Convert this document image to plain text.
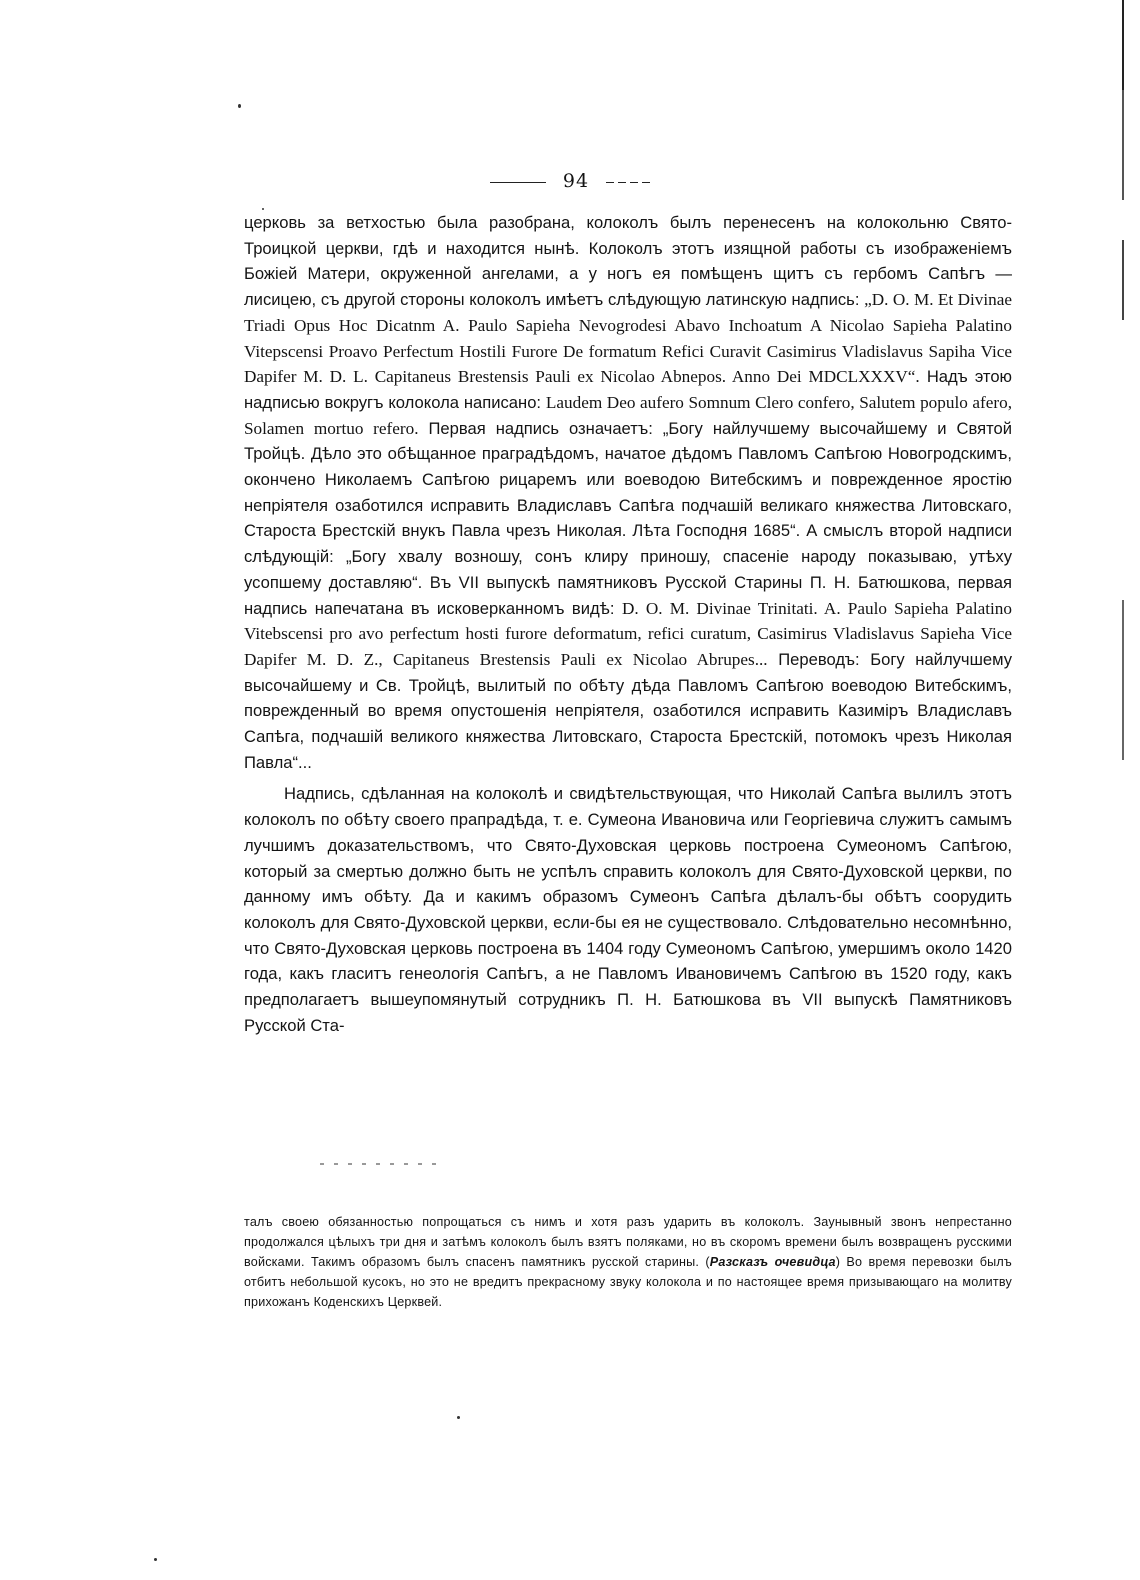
94

церковь за ветхостью была разобрана, колоколъ былъ перенесенъ на колокольню Свято-Троицкой церкви, гдѣ и находится нынѣ. Колоколъ этотъ изящной работы съ изображеніемъ Божіей Матери, окруженной ангелами, а у ногъ ея помѣщенъ щитъ съ гербомъ Сапѣгъ — лисицею, съ другой стороны колоколъ имѣетъ слѣдующую латинскую надпись: „D. O. M. Et Divinae Triadi Opus Hoc Dicatnm A. Paulo Sapieha Nevogrodesi Abavo Inchoatum A Nicolao Sapieha Palatino Vitepscensi Proavo Perfectum Hostili Furore De formatum Refici Curavit Casimirus Vladislavus Sapiha Vice Dapifer M. D. L. Capitaneus Brestensis Pauli ex Nicolao Abnepos. Anno Dei MDCLXXXV“. Надъ этою надписью вокругъ колокола написано: Laudem Deo aufero Somnum Clero confero, Salutem populo afero, Solamen mortuo refero. Первая надпись означаетъ: „Богу найлучшему высочайшему и Святой Тройцѣ. Дѣло это обѣщанное праградѣдомъ, начатое дѣдомъ Павломъ Сапѣгою Новогродскимъ, окончено Николаемъ Сапѣгою рицаремъ или воеводою Витебскимъ и поврежденное яростію непріятеля озаботился исправить Владиславъ Сапѣга подчашій великаго княжества Литовскаго, Староста Брестскій внукъ Павла чрезъ Николая. Лѣта Господня 1685“. А смыслъ второй надписи слѣдующій: „Богу хвалу возношу, сонъ клиру приношу, спасеніе народу показываю, утѣху усопшему доставляю“. Въ VII выпускѣ памятниковъ Русской Старины П. Н. Батюшкова, первая надпись напечатана въ исковерканномъ видѣ: D. O. M. Divinae Trinitati. A. Paulo Sapieha Palatino Vitebscensi pro avo perfectum hosti furore deformatum, refici curatum, Casimirus Vladislavus Sapieha Vice Dapifer M. D. Z., Capitaneus Brestensis Pauli ex Nicolao Abrupes... Переводъ: Богу найлучшему высочайшему и Св. Тройцѣ, вылитый по обѣту дѣда Павломъ Сапѣгою воеводою Витебскимъ, поврежденный во время опустошенія непріятеля, озаботился исправить Казиміръ Владиславъ Сапѣга, подчашій великого княжества Литовскаго, Староста Брестскій, потомокъ чрезъ Николая Павла“...

Надпись, сдѣланная на колоколѣ и свидѣтельствующая, что Николай Сапѣга вылилъ этотъ колоколъ по обѣту своего прапрадѣда, т. е. Сумеона Ивановича или Георгіевича служитъ самымъ лучшимъ доказательствомъ, что Свято-Духовская церковь построена Сумеономъ Сапѣгою, который за смертью должно быть не успѣлъ справить колоколъ для Свято-Духовской церкви, по данному имъ обѣту. Да и какимъ образомъ Сумеонъ Сапѣга дѣлалъ-бы обѣтъ соорудить колоколъ для Свято-Духовской церкви, если-бы ея не существовало. Слѣдовательно несомнѣнно, что Свято-Духовская церковь построена въ 1404 году Сумеономъ Сапѣгою, умершимъ около 1420 года, какъ гласитъ генеологія Сапѣгъ, а не Павломъ Ивановичемъ Сапѣгою въ 1520 году, какъ предполагаетъ вышеупомянутый сотрудникъ П. Н. Батюшкова въ VII выпускѣ Памятниковъ Русской Ста-

талъ своею обязанностью попрощаться съ нимъ и хотя разъ ударить въ колоколъ. Заунывный звонъ непрестанно продолжался цѣлыхъ три дня и затѣмъ колоколъ былъ взятъ поляками, но въ скоромъ времени былъ возвращенъ русскими войсками. Такимъ образомъ былъ спасенъ памятникъ русской старины. (Разсказъ очевидца) Во время перевозки былъ отбитъ небольшой кусокъ, но это не вредитъ прекрасному звуку колокола и по настоящее время призывающаго на молитву прихожанъ Коденскихъ Церквей.
